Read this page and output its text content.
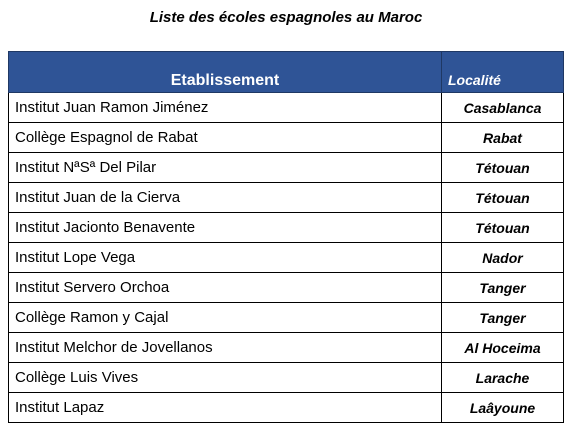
Liste des écoles espagnoles au Maroc
Etablissement	Localité
Institut Juan Ramon Jiménez	Casablanca
Collège Espagnol de Rabat	Rabat
Institut NªSª Del Pilar	Tétouan
Institut Juan de la Cierva	Tétouan
Institut Jacionto Benavente	Tétouan
Institut Lope Vega	Nador
Institut Servero Orchoa	Tanger
Collège Ramon y Cajal	Tanger
Institut Melchor de Jovellanos	Al Hoceima
Collège Luis Vives	Larache
Institut Lapaz	Laâyoune
